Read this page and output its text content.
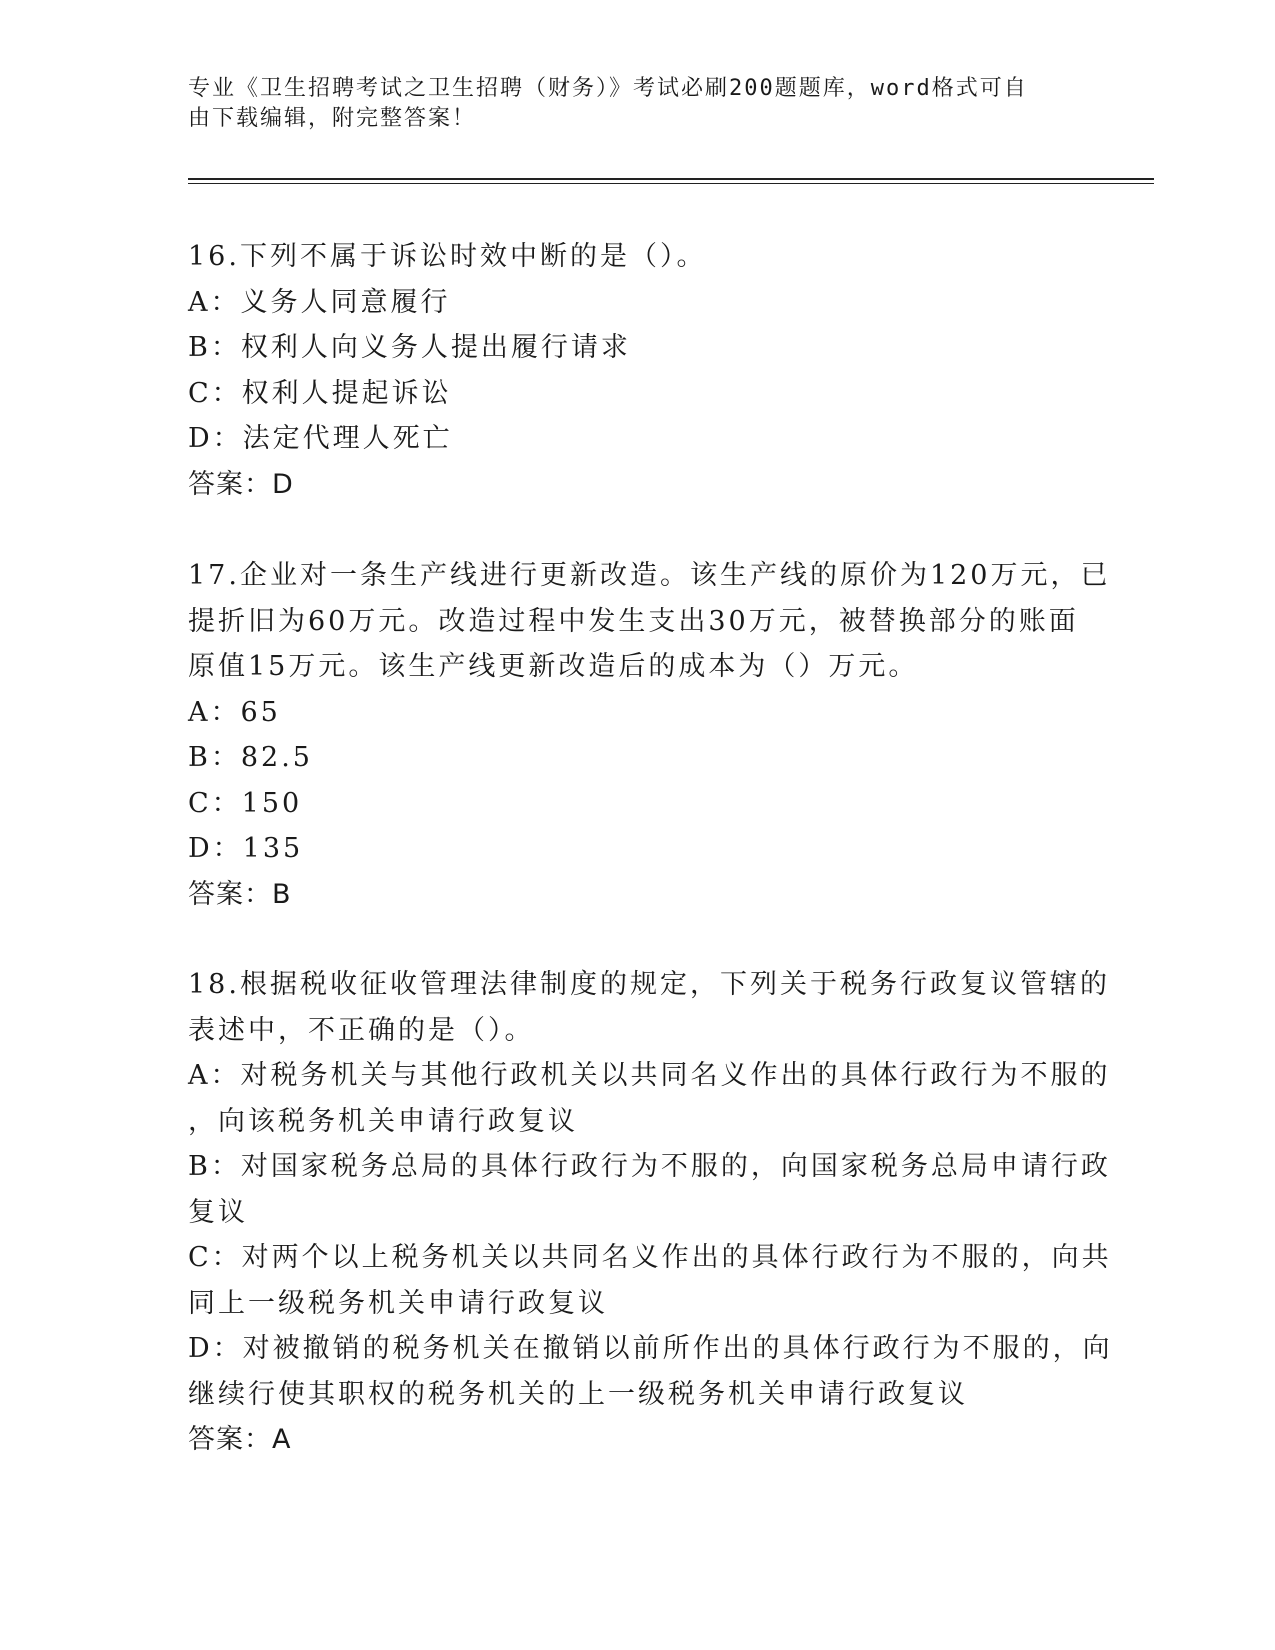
专业《卫生招聘考试之卫生招聘（财务）》考试必刷200题题库，word格式可自
由下载编辑，附完整答案！
16.下列不属于诉讼时效中断的是（）。
A：义务人同意履行
B：权利人向义务人提出履行请求
C：权利人提起诉讼
D：法定代理人死亡
答案：D
17.企业对一条生产线进行更新改造。该生产线的原价为120万元，已
提折旧为60万元。改造过程中发生支出30万元，被替换部分的账面
原值15万元。该生产线更新改造后的成本为（）万元。
A：65
B：82.5
C：150
D：135
答案：B
18.根据税收征收管理法律制度的规定，下列关于税务行政复议管辖的
表述中，不正确的是（）。
A：对税务机关与其他行政机关以共同名义作出的具体行政行为不服的
，向该税务机关申请行政复议
B：对国家税务总局的具体行政行为不服的，向国家税务总局申请行政
复议
C：对两个以上税务机关以共同名义作出的具体行政行为不服的，向共
同上一级税务机关申请行政复议
D：对被撤销的税务机关在撤销以前所作出的具体行政行为不服的，向
继续行使其职权的税务机关的上一级税务机关申请行政复议
答案：A
